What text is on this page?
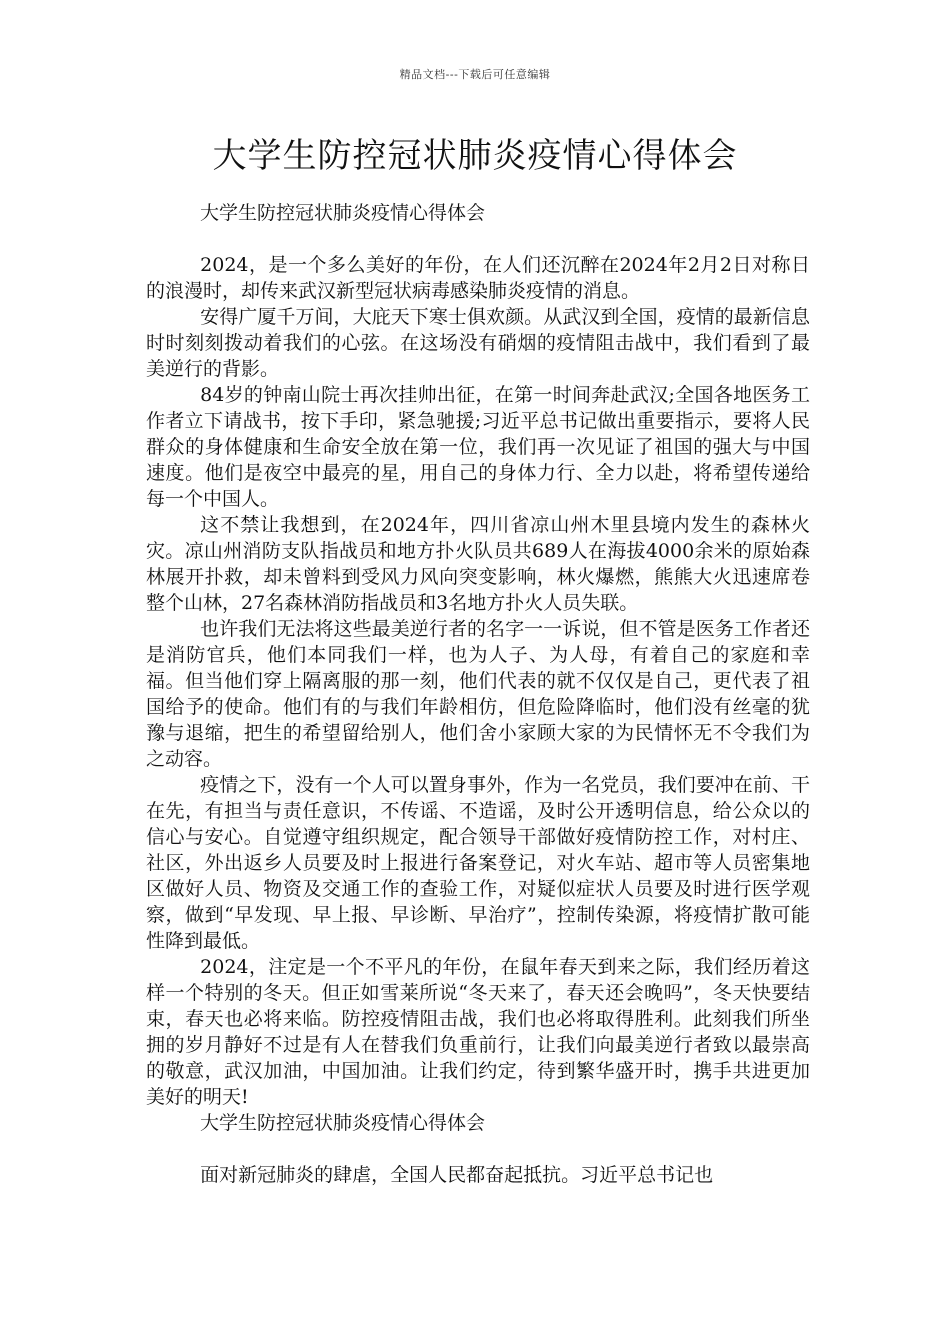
精品文档---下载后可任意编辑
大学生防控冠状肺炎疫情心得体会

大学生防控冠状肺炎疫情心得体会

2024，是一个多么美好的年份，在人们还沉醉在2024年2月2日对称日的浪漫时，却传来武汉新型冠状病毒感染肺炎疫情的消息。

安得广厦千万间，大庇天下寒士俱欢颜。从武汉到全国，疫情的最新信息时时刻刻拨动着我们的心弦。在这场没有硝烟的疫情阻击战中，我们看到了最美逆行的背影。

84岁的钟南山院士再次挂帅出征，在第一时间奔赴武汉;全国各地医务工作者立下请战书，按下手印，紧急驰援;习近平总书记做出重要指示，要将人民群众的身体健康和生命安全放在第一位，我们再一次见证了祖国的强大与中国速度。他们是夜空中最亮的星，用自己的身体力行、全力以赴，将希望传递给每一个中国人。

这不禁让我想到，在2024年，四川省凉山州木里县境内发生的森林火灾。凉山州消防支队指战员和地方扑火队员共689人在海拔4000余米的原始森林展开扑救，却未曾料到受风力风向突变影响，林火爆燃，熊熊大火迅速席卷整个山林，27名森林消防指战员和3名地方扑火人员失联。

也许我们无法将这些最美逆行者的名字一一诉说，但不管是医务工作者还是消防官兵，他们本同我们一样，也为人子、为人母，有着自己的家庭和幸福。但当他们穿上隔离服的那一刻，他们代表的就不仅仅是自己，更代表了祖国给予的使命。他们有的与我们年龄相仿，但危险降临时，他们没有丝毫的犹豫与退缩，把生的希望留给别人，他们舍小家顾大家的为民情怀无不令我们为之动容。

疫情之下，没有一个人可以置身事外，作为一名党员，我们要冲在前、干在先，有担当与责任意识，不传谣、不造谣，及时公开透明信息，给公众以的信心与安心。自觉遵守组织规定，配合领导干部做好疫情防控工作，对村庄、社区，外出返乡人员要及时上报进行备案登记，对火车站、超市等人员密集地区做好人员、物资及交通工作的查验工作，对疑似症状人员要及时进行医学观察，做到“早发现、早上报、早诊断、早治疗”，控制传染源，将疫情扩散可能性降到最低。

2024，注定是一个不平凡的年份，在鼠年春天到来之际，我们经历着这样一个特别的冬天。但正如雪莱所说“冬天来了，春天还会晚吗”，冬天快要结束，春天也必将来临。防控疫情阻击战，我们也必将取得胜利。此刻我们所坐拥的岁月静好不过是有人在替我们负重前行，让我们向最美逆行者致以最崇高的敬意，武汉加油，中国加油。让我们约定，待到繁华盛开时，携手共进更加美好的明天!

大学生防控冠状肺炎疫情心得体会

面对新冠肺炎的肆虐，全国人民都奋起抵抗。习近平总书记也
